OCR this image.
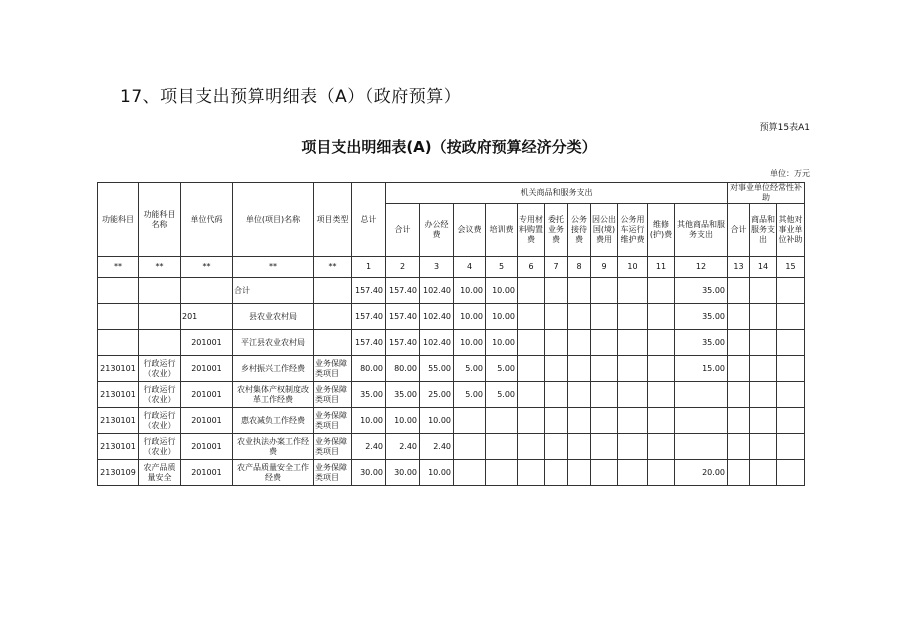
17、项目支出预算明细表（A）（政府预算）
预算15表A1
项目支出明细表(A)（按政府预算经济分类）
单位：万元
功能科目	功能科目名称	单位代码	单位(项目)名称	项目类型	总计	机关商品和服务支出											对事业单位经常性补助		
						合计	办公经费	会议费	培训费	专用材料购置费	委托业务费	公务接待费	因公出国(境)费用	公务用车运行维护费	维修(护)费	其他商品和服务支出	合计	商品和服务支出	其他对事业单位补助
**	**	**	**	**	1	2	3	4	5	6	7	8	9	10	11	12	13	14	15
			合计		157.40	157.40	102.40	10.00	10.00							35.00			
		201	县农业农村局		157.40	157.40	102.40	10.00	10.00							35.00			
		201001	平江县农业农村局		157.40	157.40	102.40	10.00	10.00							35.00			
2130101	行政运行（农业）	201001	乡村振兴工作经费	业务保障类项目	80.00	80.00	55.00	5.00	5.00							15.00			
2130101	行政运行（农业）	201001	农村集体产权制度改革工作经费	业务保障类项目	35.00	35.00	25.00	5.00	5.00										
2130101	行政运行（农业）	201001	惠农减负工作经费	业务保障类项目	10.00	10.00	10.00												
2130101	行政运行（农业）	201001	农业执法办案工作经费	业务保障类项目	2.40	2.40	2.40												
2130109	农产品质量安全	201001	农产品质量安全工作经费	业务保障类项目	30.00	30.00	10.00									20.00			
